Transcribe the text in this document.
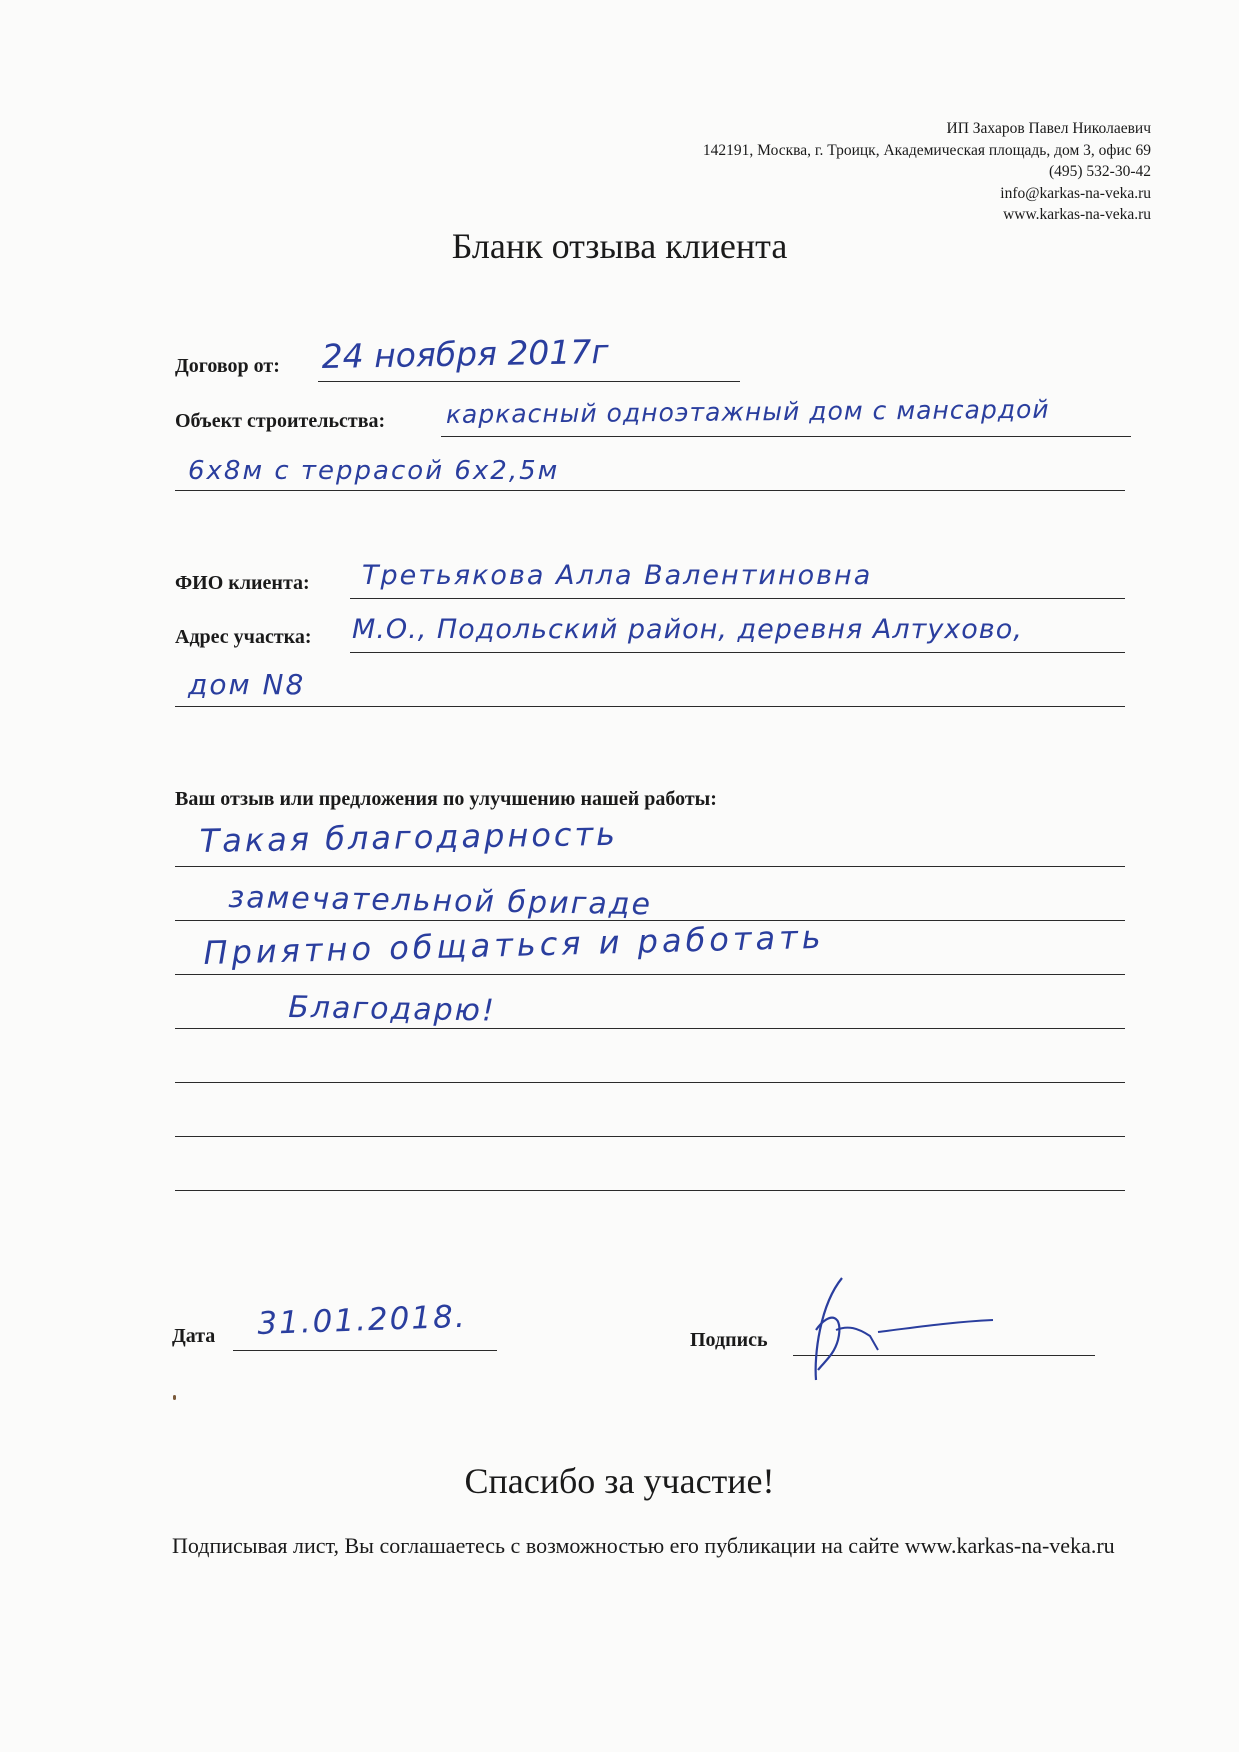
ИП Захаров Павел Николаевич
142191, Москва, г. Троицк, Академическая площадь, дом 3, офис 69
(495) 532-30-42
info@karkas-na-veka.ru
www.karkas-na-veka.ru
Бланк отзыва клиента
Договор от: 24 ноября 2017г
Объект строительства: каркасный одноэтажный дом с мансардой
6х8м с террасой 6х2,5м
ФИО клиента: Третьякова Алла Валентиновна
Адрес участка: М.О., Подольский район, деревня Алтухово,
дом N8
Ваш отзыв или предложения по улучшению нашей работы:
Такая благодарность
замечательной бригаде
Приятно общаться и работать
Благодарю!
Дата 31.01.2018.	Подпись
Спасибо за участие!
Подписывая лист, Вы соглашаетесь с возможностью его публикации на сайте www.karkas-na-veka.ru
